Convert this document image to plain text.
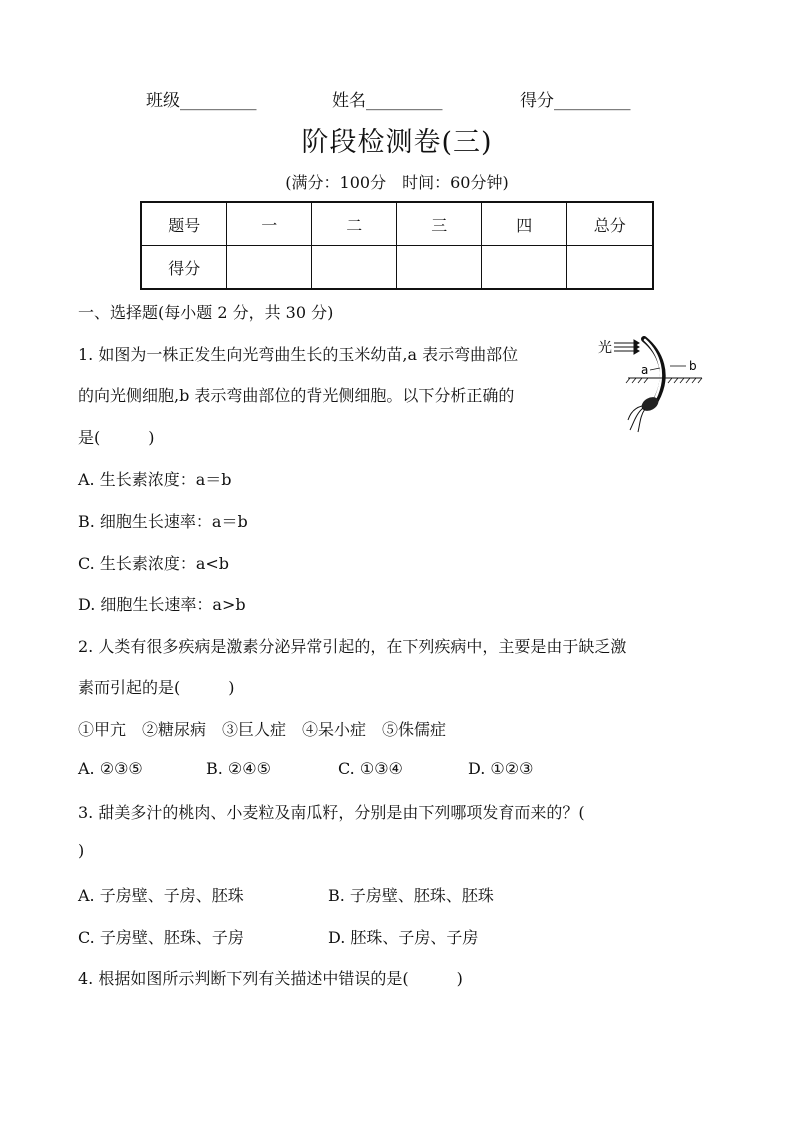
班级_________	姓名_________	得分_________
阶段检测卷(三)
(满分：100分　时间：60分钟)
题号	一	二	三	四	总分
得分					
一、选择题(每小题 2 分，共 30 分)
1. 如图为一株正发生向光弯曲生长的玉米幼苗,a 表示弯曲部位
的向光侧细胞,b 表示弯曲部位的背光侧细胞。以下分析正确的
是(　　　)
光
a	b
A. 生长素浓度：a＝b
B. 细胞生长速率：a＝b
C. 生长素浓度：a<b
D. 细胞生长速率：a>b
2. 人类有很多疾病是激素分泌异常引起的，在下列疾病中，主要是由于缺乏激
素而引起的是(　　　)
①甲亢　②糖尿病　③巨人症　④呆小症　⑤侏儒症
A. ②③⑤	B. ②④⑤	C. ①③④	D. ①②③
3. 甜美多汁的桃肉、小麦粒及南瓜籽，分别是由下列哪项发育而来的？(
)
A. 子房壁、子房、胚珠	B. 子房壁、胚珠、胚珠
C. 子房壁、胚珠、子房	D. 胚珠、子房、子房
4. 根据如图所示判断下列有关描述中错误的是(　　　)
